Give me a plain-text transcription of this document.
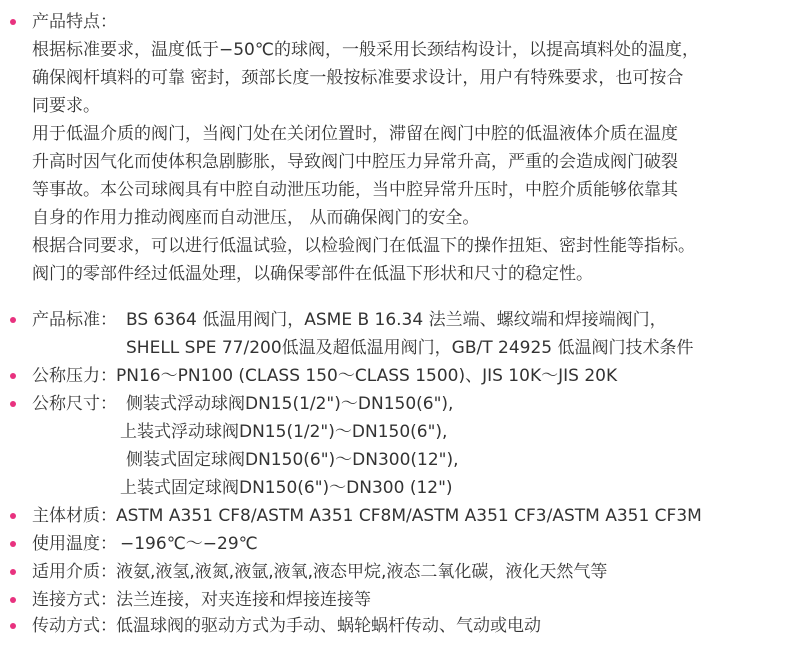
产品特点：
根据标准要求，温度低于−50℃的球阀，一般采用长颈结构设计，以提高填料处的温度，
确保阀杆填料的可靠 密封，颈部长度一般按标准要求设计，用户有特殊要求，也可按合
同要求。
用于低温介质的阀门，当阀门处在关闭位置时，滞留在阀门中腔的低温液体介质在温度
升高时因气化而使体积急剧膨胀，导致阀门中腔压力异常升高，严重的会造成阀门破裂
等事故。本公司球阀具有中腔自动泄压功能，当中腔异常升压时，中腔介质能够依靠其
自身的作用力推动阀座而自动泄压， 从而确保阀门的安全。
根据合同要求，可以进行低温试验，以检验阀门在低温下的操作扭矩、密封性能等指标。
阀门的零部件经过低温处理，以确保零部件在低温下形状和尺寸的稳定性。
产品标准： BS 6364 低温用阀门，ASME B 16.34 法兰端、螺纹端和焊接端阀门，
SHELL SPE 77/200低温及超低温用阀门，GB/T 24925 低温阀门技术条件
公称压力： PN16～PN100 (CLASS 150～CLASS 1500)、JIS 10K～JIS 20K
公称尺寸： 侧装式浮动球阀DN15(1/2")～DN150(6"),
上装式浮动球阀DN15(1/2")～DN150(6"),
侧装式固定球阀DN150(6")～DN300(12"),
上装式固定球阀DN150(6")～DN300 (12")
主体材质： ASTM A351 CF8/ASTM A351 CF8M/ASTM A351 CF3/ASTM A351 CF3M
使用温度： −196℃～−29℃
适用介质： 液氨,液氢,液氮,液氩,液氧,液态甲烷,液态二氧化碳，液化天然气等
连接方式： 法兰连接，对夹连接和焊接连接等
传动方式： 低温球阀的驱动方式为手动、蜗轮蜗杆传动、气动或电动
